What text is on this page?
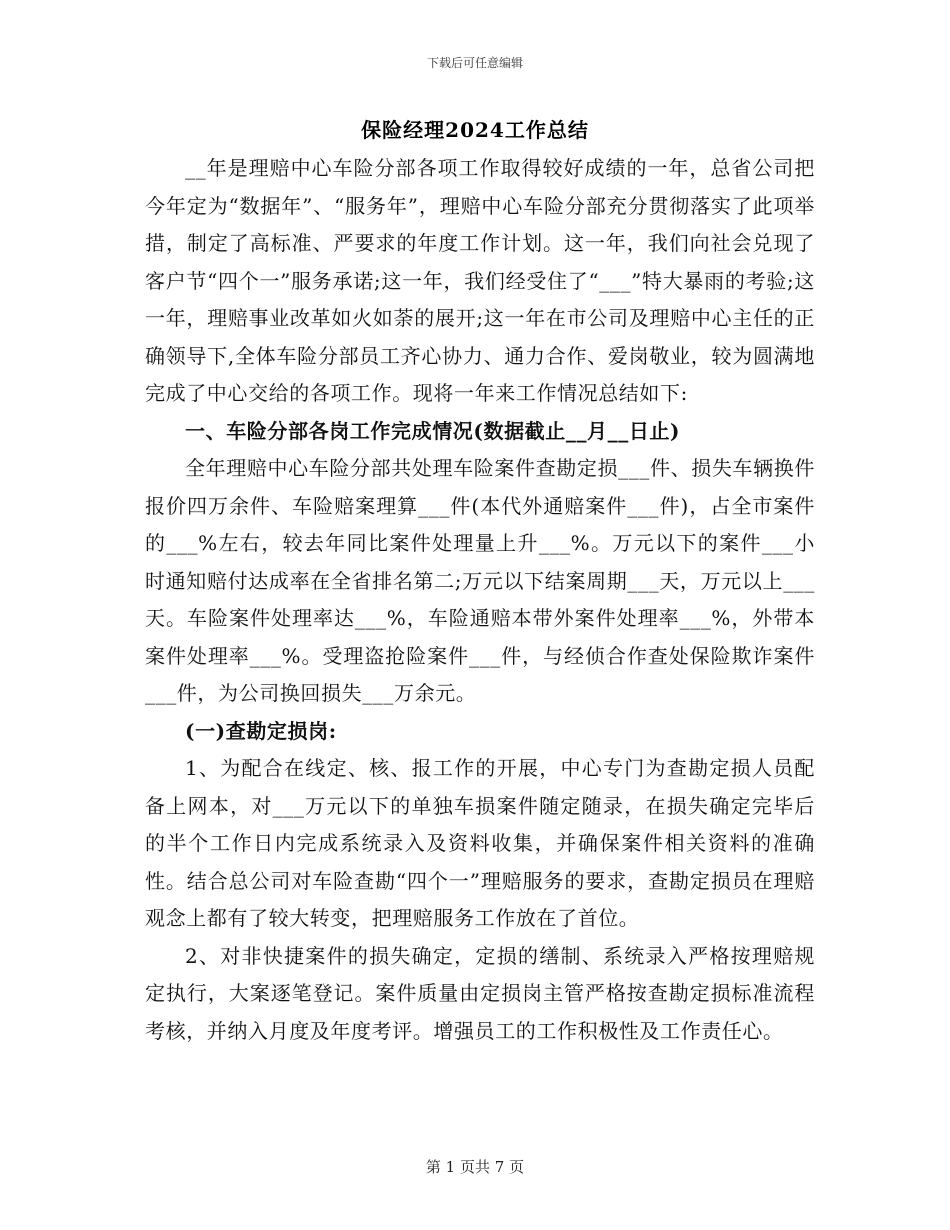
下载后可任意编辑
保险经理2024工作总结

__年是理赔中心车险分部各项工作取得较好成绩的一年，总省公司把今年定为“数据年”、“服务年”，理赔中心车险分部充分贯彻落实了此项举措，制定了高标准、严要求的年度工作计划。这一年，我们向社会兑现了客户节“四个一”服务承诺;这一年，我们经受住了“___”特大暴雨的考验;这一年，理赔事业改革如火如荼的展开;这一年在市公司及理赔中心主任的正确领导下,全体车险分部员工齐心协力、通力合作、爱岗敬业，较为圆满地完成了中心交给的各项工作。现将一年来工作情况总结如下:

一、车险分部各岗工作完成情况(数据截止__月__日止)

全年理赔中心车险分部共处理车险案件查勘定损___件、损失车辆换件报价四万余件、车险赔案理算___件(本代外通赔案件___件)，占全市案件的___%左右，较去年同比案件处理量上升___%。万元以下的案件___小时通知赔付达成率在全省排名第二;万元以下结案周期___天，万元以上___天。车险案件处理率达___%，车险通赔本带外案件处理率___%，外带本案件处理率___%。受理盗抢险案件___件，与经侦合作查处保险欺诈案件___件，为公司换回损失___万余元。

(一)查勘定损岗:

1、为配合在线定、核、报工作的开展，中心专门为查勘定损人员配备上网本，对___万元以下的单独车损案件随定随录，在损失确定完毕后的半个工作日内完成系统录入及资料收集，并确保案件相关资料的准确性。结合总公司对车险查勘“四个一”理赔服务的要求，查勘定损员在理赔观念上都有了较大转变，把理赔服务工作放在了首位。

2、对非快捷案件的损失确定，定损的缮制、系统录入严格按理赔规定执行，大案逐笔登记。案件质量由定损岗主管严格按查勘定损标准流程考核，并纳入月度及年度考评。增强员工的工作积极性及工作责任心。

第 1 页共 7 页
